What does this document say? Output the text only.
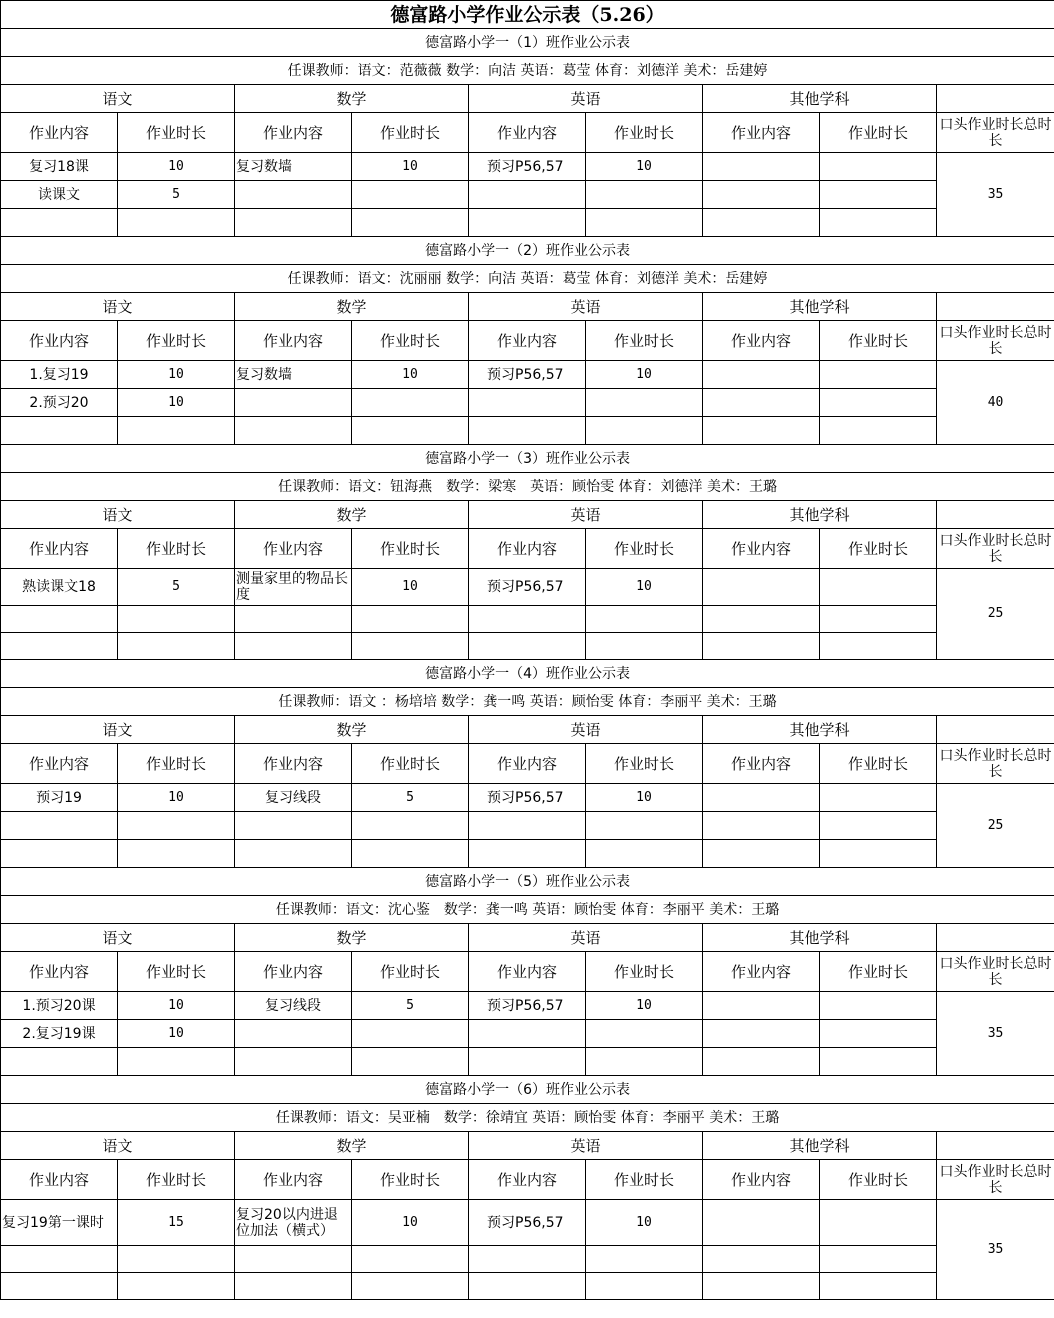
德富路小学作业公示表（5.26）								
德富路小学一（1）班作业公示表								
任课教师：语文：范薇薇 数学：向洁 英语：葛莹 体育：刘德洋 美术：岳建婷								
语文		数学		英语		其他学科		
作业内容	作业时长	作业内容	作业时长	作业内容	作业时长	作业内容	作业时长	口头作业时长总时长
复习18课	10	复习数墙	10	预习P56,57	10			35
读课文	5							

德富路小学一（2）班作业公示表								
任课教师：语文：沈丽丽 数学：向洁 英语：葛莹 体育：刘德洋 美术：岳建婷								
语文		数学		英语		其他学科		
作业内容	作业时长	作业内容	作业时长	作业内容	作业时长	作业内容	作业时长	口头作业时长总时长
1.复习19	10	复习数墙	10	预习P56,57	10			40
2.预习20	10							

德富路小学一（3）班作业公示表								
任课教师：语文：钮海燕　数学：梁寒　英语：顾怡雯 体育：刘德洋 美术：王璐								
语文		数学		英语		其他学科		
作业内容	作业时长	作业内容	作业时长	作业内容	作业时长	作业内容	作业时长	口头作业时长总时长
熟读课文18	5	测量家里的物品长度	10	预习P56,57	10			25

德富路小学一（4）班作业公示表								
任课教师：语文 ：杨培培 数学：龚一鸣 英语：顾怡雯 体育：李丽平 美术：王璐								
语文		数学		英语		其他学科		
作业内容	作业时长	作业内容	作业时长	作业内容	作业时长	作业内容	作业时长	口头作业时长总时长
预习19	10	复习线段	5	预习P56,57	10			25

德富路小学一（5）班作业公示表								
任课教师：语文：沈心鉴　数学：龚一鸣 英语：顾怡雯 体育：李丽平 美术：王璐								
语文		数学		英语		其他学科		
作业内容	作业时长	作业内容	作业时长	作业内容	作业时长	作业内容	作业时长	口头作业时长总时长
1.预习20课	10	复习线段	5	预习P56,57	10			35
2.复习19课	10							

德富路小学一（6）班作业公示表								
任课教师：语文：吴亚楠　数学：徐靖宜 英语：顾怡雯 体育：李丽平 美术：王璐								
语文		数学		英语		其他学科		
作业内容	作业时长	作业内容	作业时长	作业内容	作业时长	作业内容	作业时长	口头作业时长总时长
复习19第一课时	15	复习20以内进退位加法（横式）	10	预习P56,57	10			35
